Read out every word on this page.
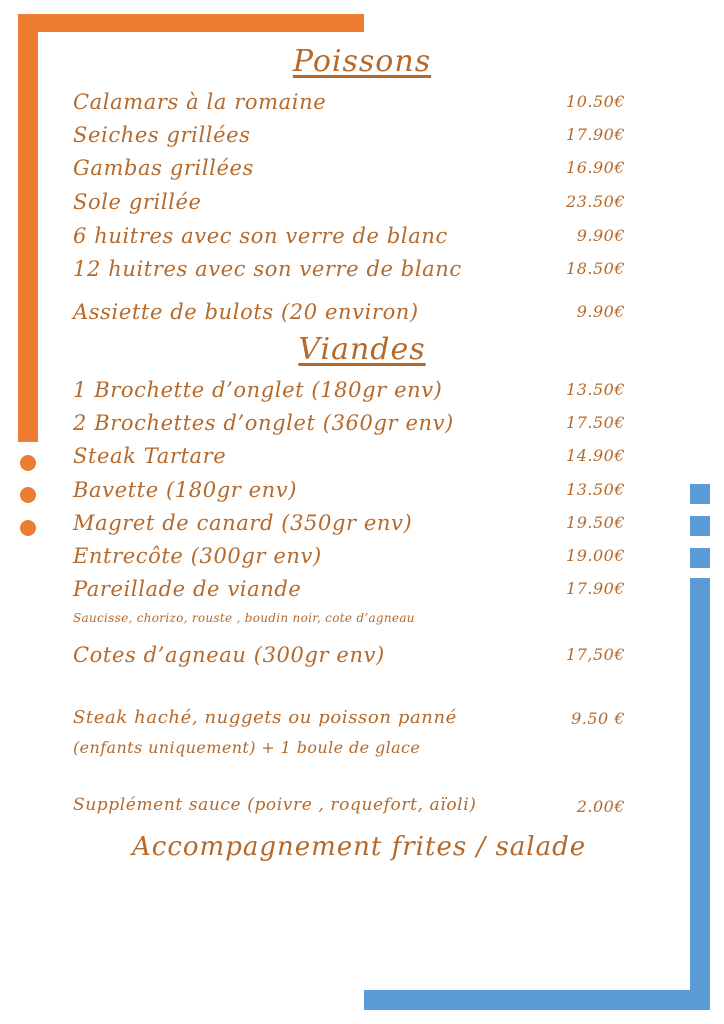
Poissons
Calamars à la romaine	10.50€
Seiches grillées	17.90€
Gambas grillées	16.90€
Sole grillée	23.50€
6 huitres avec son verre de blanc	9.90€
12 huitres avec son verre de blanc	18.50€
Assiette de bulots (20 environ)	9.90€
Viandes
1 Brochette d’onglet (180gr env)	13.50€
2 Brochettes d’onglet (360gr env)	17.50€
Steak Tartare	14.90€
Bavette (180gr env)	13.50€
Magret de canard (350gr env)	19.50€
Entrecôte (300gr env)	19.00€
Pareillade de viande	17.90€
Saucisse, chorizo, rouste , boudin noir, cote d’agneau
Cotes d’agneau (300gr env)	17,50€
Steak haché, nuggets ou poisson panné	9.50 €
(enfants uniquement) + 1 boule de glace
Supplément sauce (poivre , roquefort, aïoli)	2.00€
Accompagnement frites / salade
